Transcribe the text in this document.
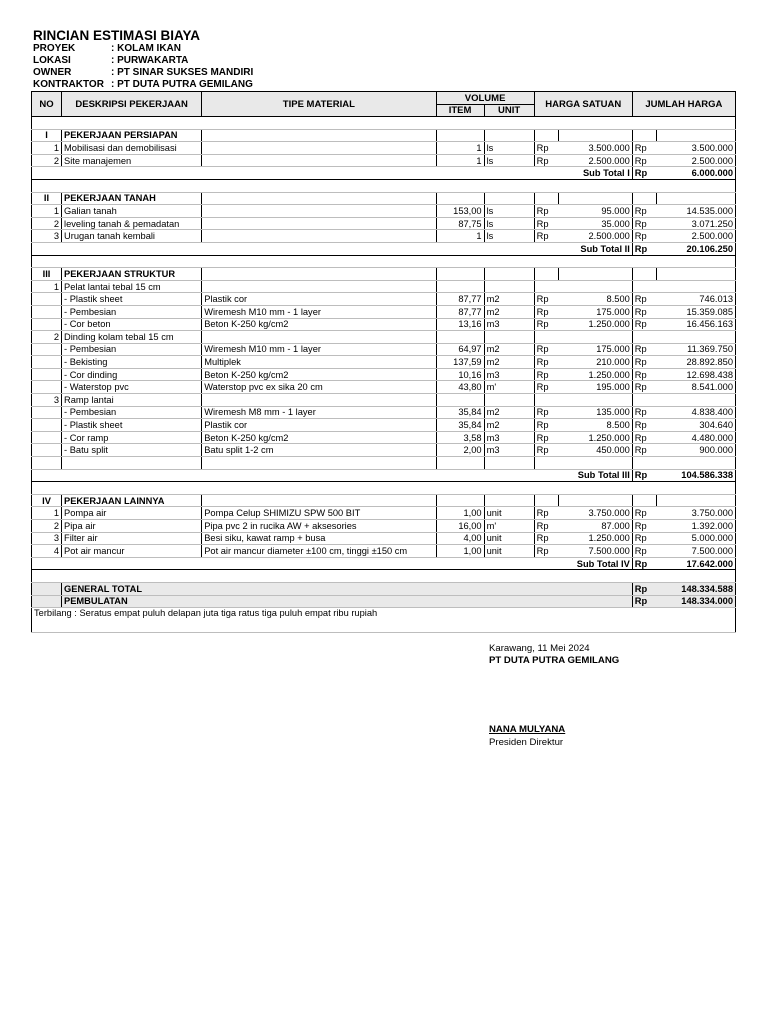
RINCIAN ESTIMASI BIAYA
PROYEK	: KOLAM IKAN
LOKASI	: PURWAKARTA
OWNER	: PT SINAR SUKSES MANDIRI
KONTRAKTOR : PT DUTA PUTRA GEMILANG
NO	DESKRIPSI PEKERJAAN	TIPE MATERIAL	VOLUME		HARGA SATUAN		JUMLAH HARGA	
			ITEM	UNIT				

I	PEKERJAAN PERSIAPAN							
1	Mobilisasi dan demobilisasi		1	ls	Rp	3.500.000	Rp	3.500.000
2	Site manajemen		1	ls	Rp	2.500.000	Rp	2.500.000
Sub Total I							Rp	6.000.000

II	PEKERJAAN TANAH							
1	Galian tanah		153,00	ls	Rp	95.000	Rp	14.535.000
2	leveling tanah & pemadatan		87,75	ls	Rp	35.000	Rp	3.071.250
3	Urugan tanah kembali		1	ls	Rp	2.500.000	Rp	2.500.000
Sub Total II							Rp	20.106.250

III	PEKERJAAN STRUKTUR							
1	Pelat lantai tebal 15 cm							
	- Plastik sheet	Plastik cor	87,77	m2	Rp	8.500	Rp	746.013
	- Pembesian	Wiremesh M10 mm - 1 layer	87,77	m2	Rp	175.000	Rp	15.359.085
	- Cor beton	Beton K-250 kg/cm2	13,16	m3	Rp	1.250.000	Rp	16.456.163
2	Dinding kolam tebal 15 cm							
	- Pembesian	Wiremesh M10 mm - 1 layer	64,97	m2	Rp	175.000	Rp	11.369.750
	- Bekisting	Multiplek	137,59	m2	Rp	210.000	Rp	28.892.850
	- Cor dinding	Beton K-250 kg/cm2	10,16	m3	Rp	1.250.000	Rp	12.698.438
	- Waterstop pvc	Waterstop pvc ex sika 20 cm	43,80	m'	Rp	195.000	Rp	8.541.000
3	Ramp lantai							
	- Pembesian	Wiremesh M8 mm - 1 layer	35,84	m2	Rp	135.000	Rp	4.838.400
	- Plastik sheet	Plastik cor	35,84	m2	Rp	8.500	Rp	304.640
	- Cor ramp	Beton K-250 kg/cm2	3,58	m3	Rp	1.250.000	Rp	4.480.000
	- Batu split	Batu split 1-2 cm	2,00	m3	Rp	450.000	Rp	900.000

Sub Total III							Rp	104.586.338

IV	PEKERJAAN LAINNYA							
1	Pompa air	Pompa Celup SHIMIZU SPW 500 BIT	1,00	unit	Rp	3.750.000	Rp	3.750.000
2	Pipa air	Pipa pvc 2 in rucika AW + aksesories	16,00	m'	Rp	87.000	Rp	1.392.000
3	Filter air	Besi siku, kawat ramp + busa	4,00	unit	Rp	1.250.000	Rp	5.000.000
4	Pot air mancur	Pot air mancur diameter ±100 cm, tinggi ±150 cm	1,00	unit	Rp	7.500.000	Rp	7.500.000
Sub Total IV							Rp	17.642.000

	GENERAL TOTAL						Rp	148.334.588
	PEMBULATAN						Rp	148.334.000
Terbilang : Seratus empat puluh delapan juta tiga ratus tiga puluh empat ribu rupiah								
Karawang, 11 Mei 2024
PT DUTA PUTRA GEMILANG
NANA MULYANA
Presiden Direktur
